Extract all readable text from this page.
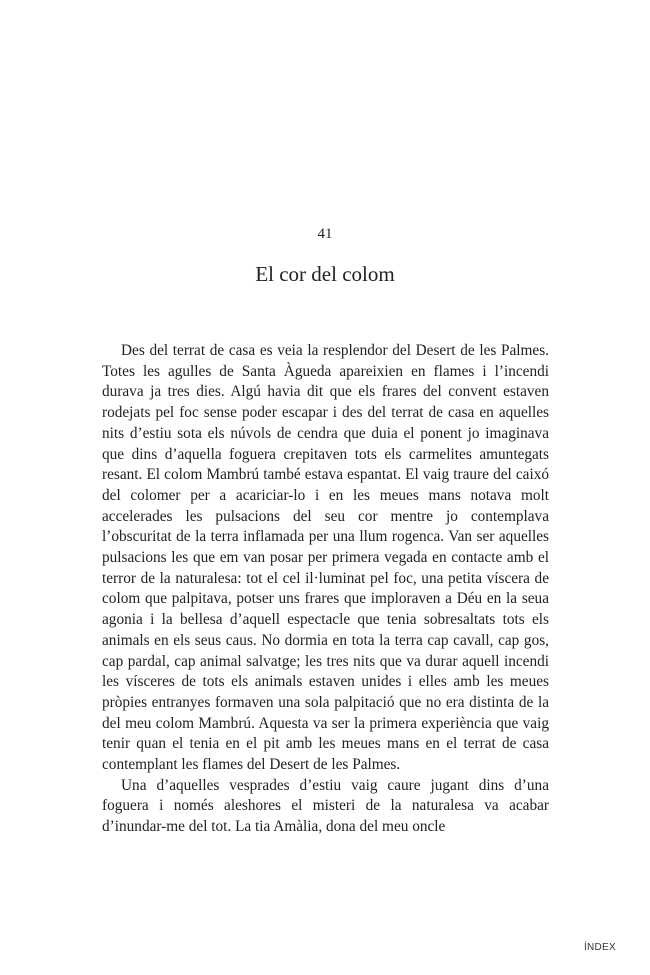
41
El cor del colom

Des del terrat de casa es veia la resplendor del Desert de les Palmes. Totes les agulles de Santa Àgueda apareixien en flames i l’incendi durava ja tres dies. Algú havia dit que els frares del convent estaven rodejats pel foc sense poder escapar i des del terrat de casa en aquelles nits d’estiu sota els núvols de cendra que duia el ponent jo imaginava que dins d’aquella foguera crepitaven tots els carmelites amuntegats resant. El colom Mambrú també estava espantat. El vaig traure del caixó del colomer per a acariciar-lo i en les meues mans notava molt accelerades les pulsacions del seu cor mentre jo contemplava l’obscuritat de la terra inflamada per una llum rogenca. Van ser aquelles pulsacions les que em van posar per primera vegada en contacte amb el terror de la naturalesa: tot el cel il·luminat pel foc, una petita víscera de colom que palpitava, potser uns frares que imploraven a Déu en la seua agonia i la bellesa d’aquell espectacle que tenia sobresaltats tots els animals en els seus caus. No dormia en tota la terra cap cavall, cap gos, cap pardal, cap animal salvatge; les tres nits que va durar aquell incendi les vísceres de tots els animals estaven unides i elles amb les meues pròpies entranyes formaven una sola palpitació que no era distinta de la del meu colom Mambrú. Aquesta va ser la primera experiència que vaig tenir quan el tenia en el pit amb les meues mans en el terrat de casa contemplant les flames del Desert de les Palmes.

Una d’aquelles vesprades d’estiu vaig caure jugant dins d’una foguera i només aleshores el misteri de la naturalesa va acabar d’inundar-me del tot. La tia Amàlia, dona del meu oncle

ÍNDEX
